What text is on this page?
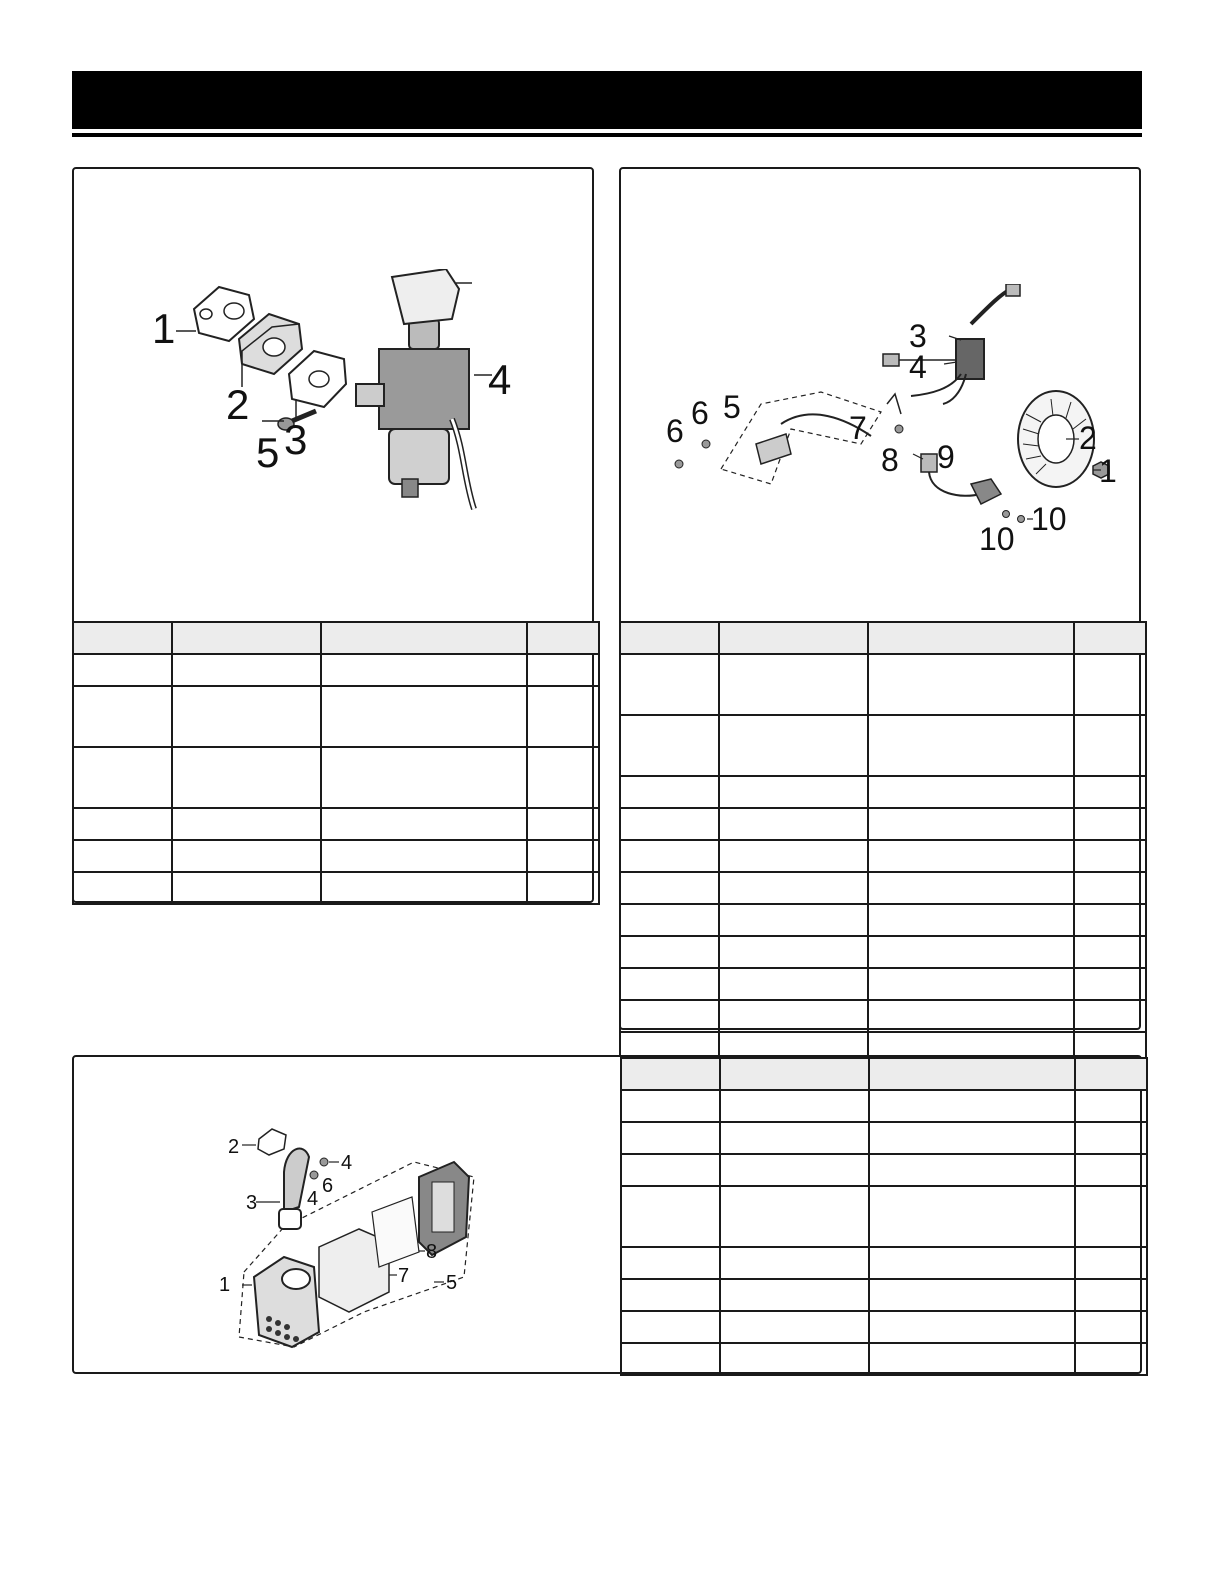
1
2
3
4
5

				1
2
3
4
5
6
6	7
8 9
10
10

1
2
3
4
4
5
6
7
8
